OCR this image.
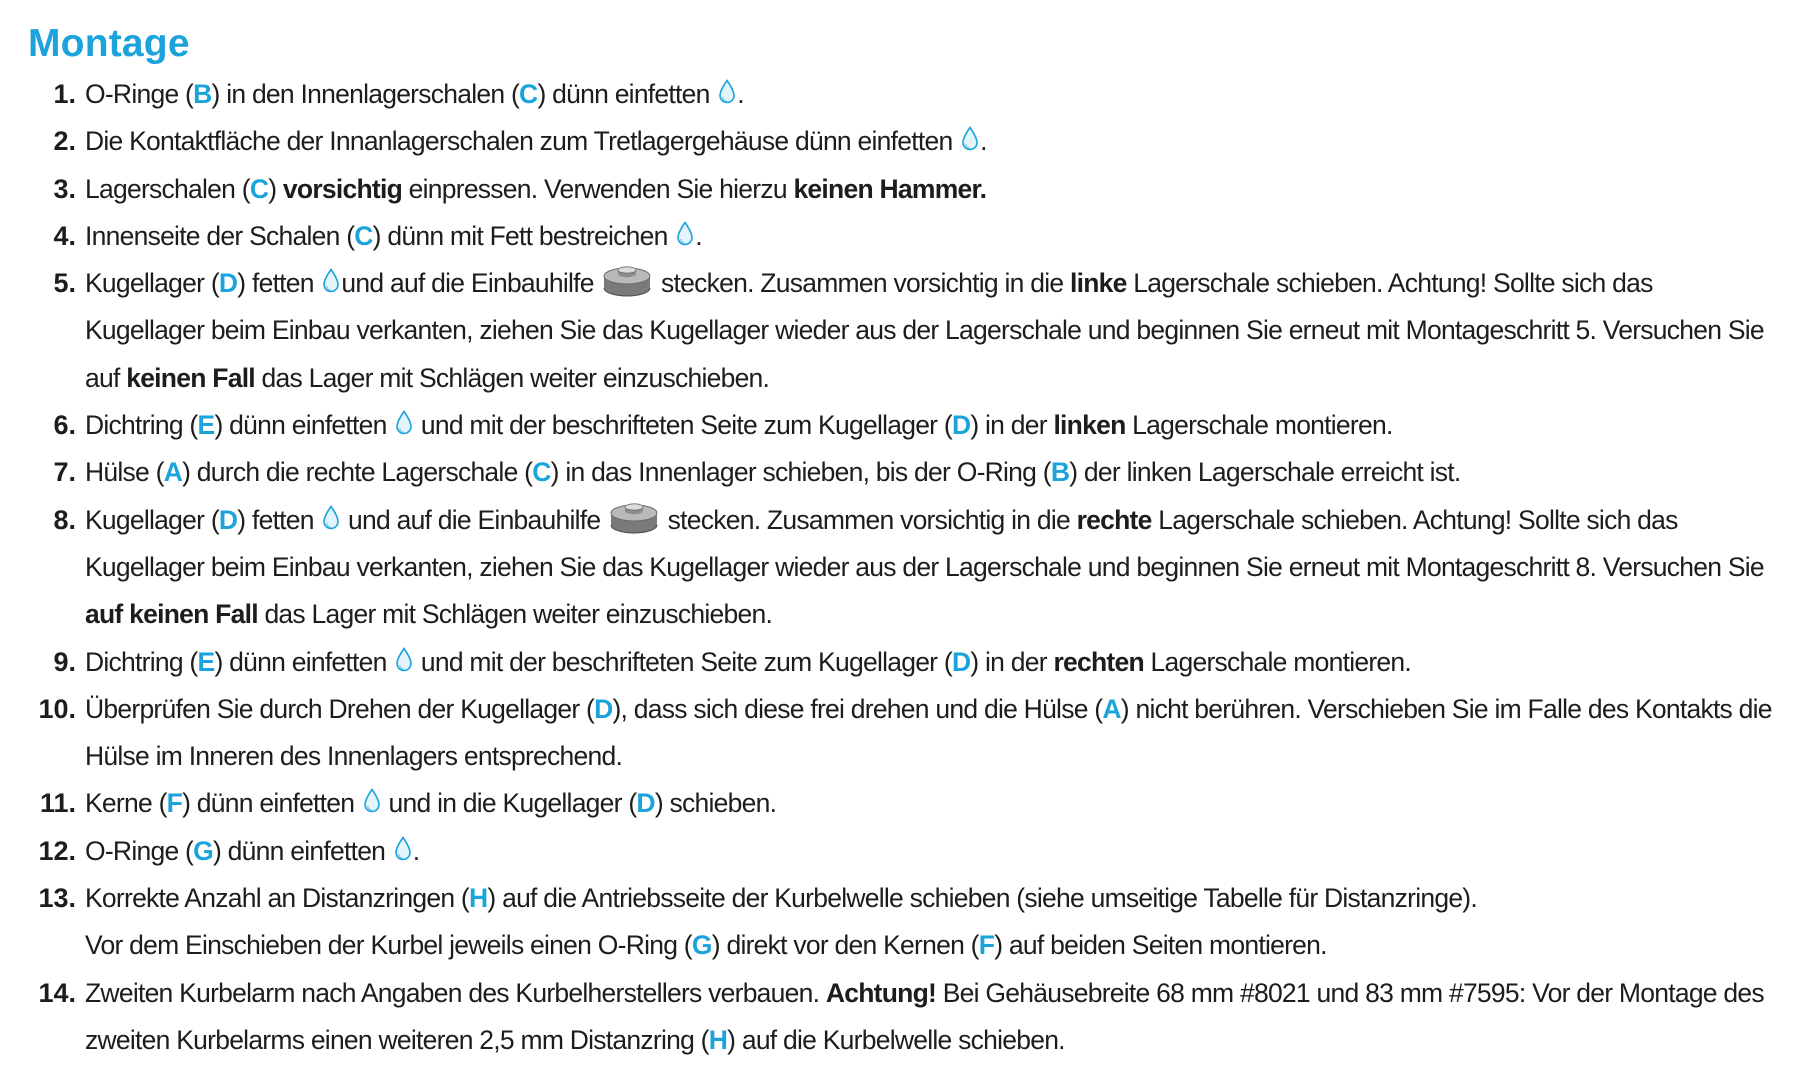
Montage
1. O-Ringe (B) in den Innenlagerschalen (C) dünn einfetten
.
2. Die Kontaktfläche der Innanlagerschalen zum Tretlagergehäuse dünn einfetten
.
3. Lagerschalen (C) vorsichtig einpressen. Verwenden Sie hierzu keinen Hammer.
4. Innenseite der Schalen (C) dünn mit Fett bestreichen
.
5. Kugellager (D) fetten
und auf die Einbauhilfe
stecken. Zusammen vorsichtig in die linke Lagerschale schieben. Achtung! Sollte sich das Kugellager beim Einbau verkanten, ziehen Sie das Kugellager wieder aus der Lagerschale und beginnen Sie erneut mit Montageschritt 5. Versuchen Sie auf keinen Fall das Lager mit Schlägen weiter einzuschieben.
6. Dichtring (E) dünn einfetten
und mit der beschrifteten Seite zum Kugellager (D) in der linken Lagerschale montieren.
7. Hülse (A) durch die rechte Lagerschale (C) in das Innenlager schieben, bis der O-Ring (B) der linken Lagerschale erreicht ist.
8. Kugellager (D) fetten
und auf die Einbauhilfe
stecken. Zusammen vorsichtig in die rechte Lagerschale schieben. Achtung! Sollte sich das Kugellager beim Einbau verkanten, ziehen Sie das Kugellager wieder aus der Lagerschale und beginnen Sie erneut mit Montageschritt 8. Versuchen Sie auf keinen Fall das Lager mit Schlägen weiter einzuschieben.
9. Dichtring (E) dünn einfetten
und mit der beschrifteten Seite zum Kugellager (D) in der rechten Lagerschale montieren.
10. Überprüfen Sie durch Drehen der Kugellager (D), dass sich diese frei drehen und die Hülse (A) nicht berühren. Verschieben Sie im Falle des Kontakts die Hülse im Inneren des Innenlagers entsprechend.
11. Kerne (F) dünn einfetten
und in die Kugellager (D) schieben.
12. O-Ringe (G) dünn einfetten
.
13. Korrekte Anzahl an Distanzringen (H) auf die Antriebsseite der Kurbelwelle schieben (siehe umseitige Tabelle für Distanzringe).
Vor dem Einschieben der Kurbel jeweils einen O-Ring (G) direkt vor den Kernen (F) auf beiden Seiten montieren.
14. Zweiten Kurbelarm nach Angaben des Kurbelherstellers verbauen. Achtung! Bei Gehäusebreite 68 mm #8021 und 83 mm #7595: Vor der Montage des zweiten Kurbelarms einen weiteren 2,5 mm Distanzring (H) auf die Kurbelwelle schieben.
